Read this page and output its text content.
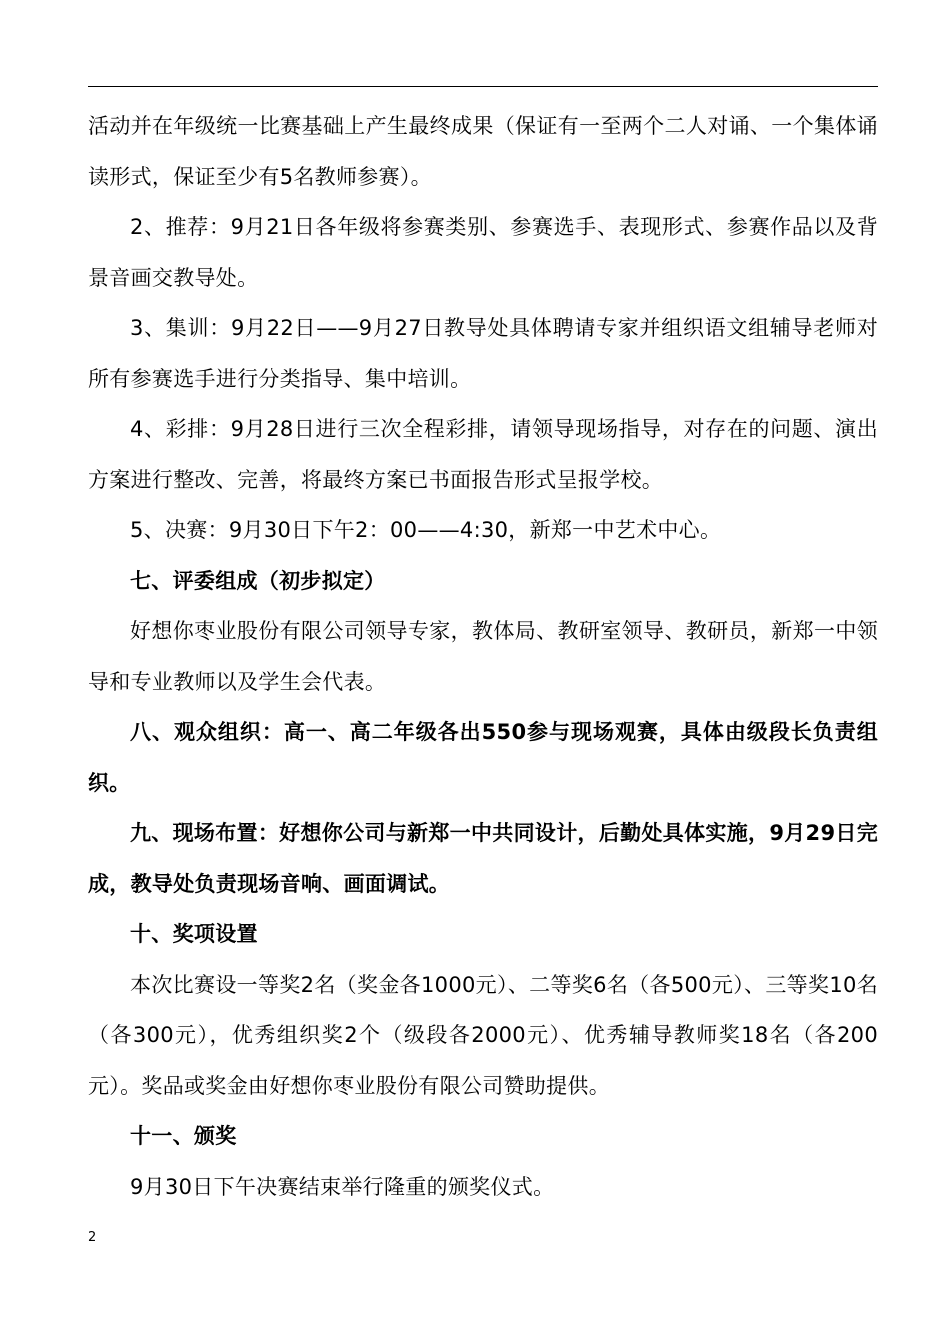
活动并在年级统一比赛基础上产生最终成果（保证有一至两个二人对诵、一个集体诵读形式，保证至少有5名教师参赛）。

2、推荐：9月21日各年级将参赛类别、参赛选手、表现形式、参赛作品以及背景音画交教导处。

3、集训：9月22日——9月27日教导处具体聘请专家并组织语文组辅导老师对所有参赛选手进行分类指导、集中培训。

4、彩排：9月28日进行三次全程彩排，请领导现场指导，对存在的问题、演出方案进行整改、完善，将最终方案已书面报告形式呈报学校。

5、决赛：9月30日下午2：00——4:30，新郑一中艺术中心。

七、评委组成（初步拟定）

好想你枣业股份有限公司领导专家，教体局、教研室领导、教研员，新郑一中领导和专业教师以及学生会代表。

八、观众组织：高一、高二年级各出550参与现场观赛，具体由级段长负责组织。

九、现场布置：好想你公司与新郑一中共同设计，后勤处具体实施，9月29日完成，教导处负责现场音响、画面调试。

十、奖项设置

本次比赛设一等奖2名（奖金各1000元）、二等奖6名（各500元）、三等奖10名（各300元），优秀组织奖2个（级段各2000元）、优秀辅导教师奖18名（各200元）。奖品或奖金由好想你枣业股份有限公司赞助提供。

十一、颁奖

9月30日下午决赛结束举行隆重的颁奖仪式。

2
